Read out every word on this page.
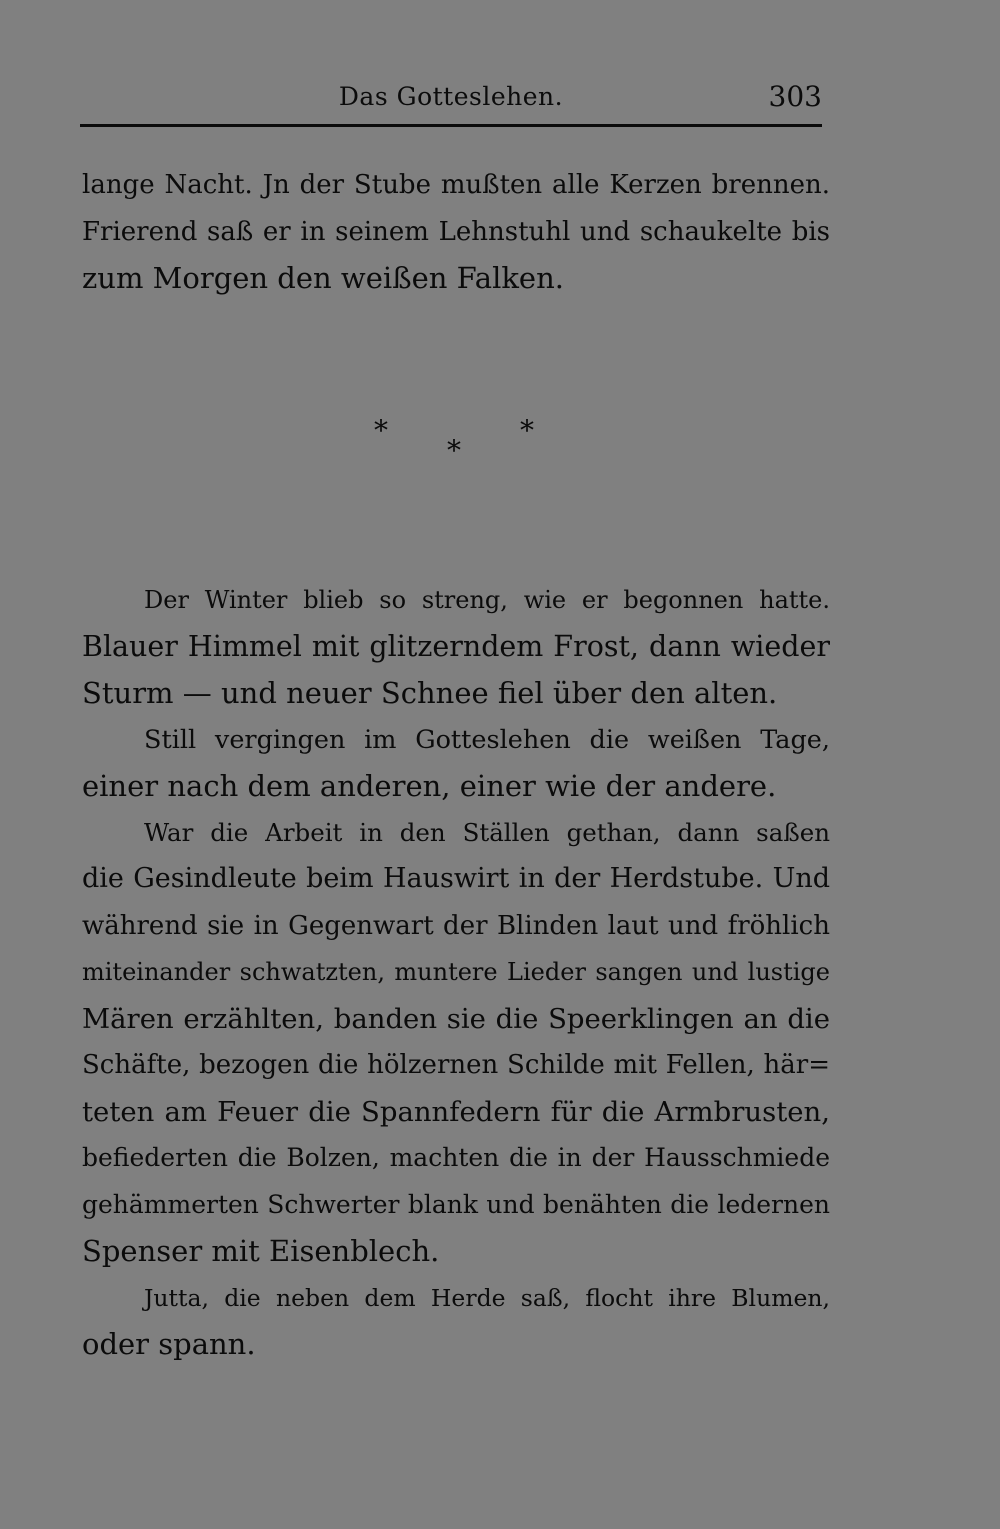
Das Gotteslehen.	303
lange Nacht. Jn der Stube mußten alle Kerzen brennen.
Frierend saß er in seinem Lehnstuhl und schaukelte bis
zum Morgen den weißen Falken.
*	*
*
Der Winter blieb so streng, wie er begonnen hatte.
Blauer Himmel mit glitzerndem Frost, dann wieder
Sturm — und neuer Schnee fiel über den alten.
Still vergingen im Gotteslehen die weißen Tage,
einer nach dem anderen, einer wie der andere.
War die Arbeit in den Ställen gethan, dann saßen
die Gesindleute beim Hauswirt in der Herdstube. Und
während sie in Gegenwart der Blinden laut und fröhlich
miteinander schwatzten, muntere Lieder sangen und lustige
Mären erzählten, banden sie die Speerklingen an die
Schäfte, bezogen die hölzernen Schilde mit Fellen, här=
teten am Feuer die Spannfedern für die Armbrusten,
befiederten die Bolzen, machten die in der Hausschmiede
gehämmerten Schwerter blank und benähten die ledernen
Spenser mit Eisenblech.
Jutta, die neben dem Herde saß, flocht ihre Blumen,
oder spann.
